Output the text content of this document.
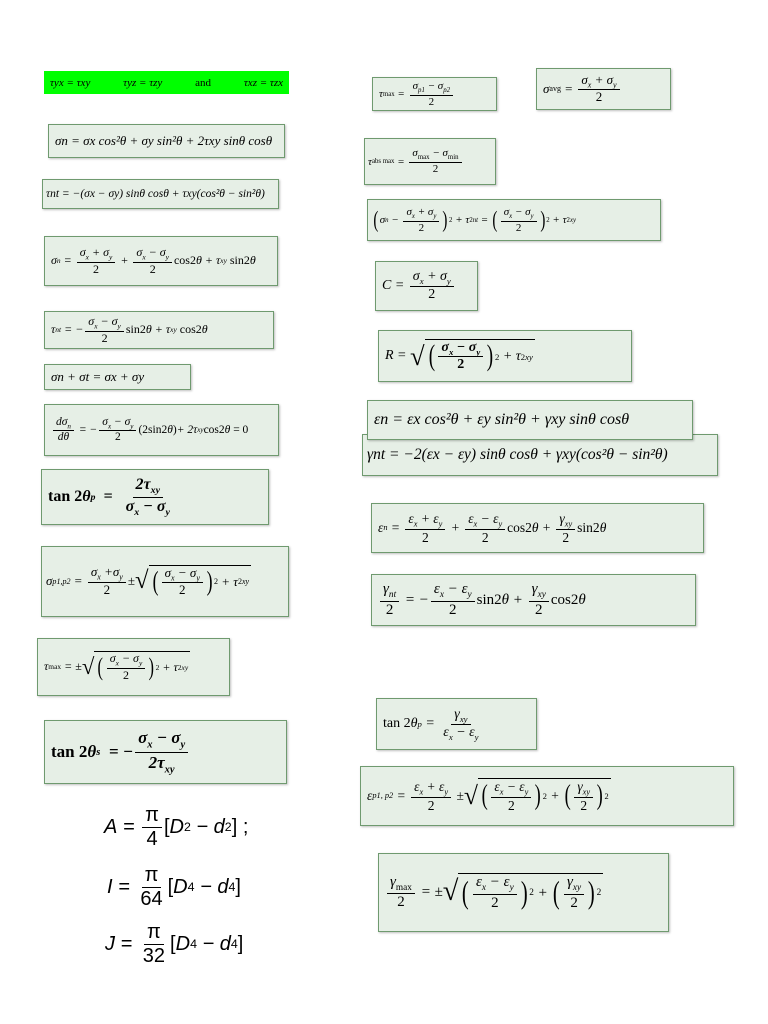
τyx = τxy	τyz = τzy	and	τxz = τzx
σn = σx cos²θ + σy sin²θ + 2τxy sinθ cosθ
τnt = −(σx − σy) sinθ cosθ + τxy(cos²θ − sin²θ)
σ $n = \frac{\sigma_x + \sigma_y}{2} + \frac{\sigma_x - \sigma_y}{2}$ cos 2 θ + τ xy
sin 2 θ
τ nt = − $\frac{\sigma_x - \sigma_y}{2}$ sin 2 θ + τ xy
cos 2 θ
σn + σt = σx + σy
$\frac{d\sigma_n}{d\theta}$ = − $\frac{\sigma_x - \sigma_y}{2} (2\sin 2$ θ ) + 2τ xy cos2 θ = 0
tan 2 θ $p = \frac{2\tau_{xy}}{\sigma_x - \sigma_y}$
σ $p1,p2 = \frac{\sigma_x +\sigma_y}{2}$ ± √ ( $\frac{\sigma_x - \sigma_y}{2}$ ) 2 + τ 2 xy
τ max = ± √ ( $\frac{\sigma_x - \sigma_y}{2}$ ) 2 + τ 2 xy
tan 2 θ s = − $\frac{\sigma_x - \sigma_y}{2\tau_{xy}}$
$A = \frac{\pi}{4}$ [ D 2 − d 2 ] ;
$I = \frac{\pi}{64}$ [ D 4 − d 4 ]
$J = \frac{\pi}{32}$ [ D 4 − d 4 ]
τ $\max = \frac{\sigma_{p1} - \sigma_{p2}}{2}$	σ avg = $\frac{\sigma_x + \sigma_y}{2}$
τ abs $\max = \frac{\sigma_{max} - \sigma_{min}}{2}$
( σ $n - \frac{\sigma_x + \sigma_y}{2}$ ) 2 + τ 2 nt = ( $\frac{\sigma_x - \sigma_y}{2}$ ) 2 + τ 2 xy
$C = \frac{\sigma_x + \sigma_y}{2}$
R = √ ( $\frac{\sigma_x - \sigma_y}{2}$ ) 2 + τ 2 xy
εn = εx cos²θ + εy sin²θ + γxy sinθ cosθ
γnt = −2(εx − εy) sinθ cosθ + γxy(cos²θ − sin²θ)
ε $n = \frac{\varepsilon_x + \varepsilon_y}{2} + \frac{\varepsilon_x - \varepsilon_y}{2} \cos 2$ $\theta + \frac{\gamma_{xy}}{2} \sin 2$ θ
$\frac{\gamma_{nt}}{2}$ = − $\frac{\varepsilon_x - \varepsilon_y}{2} \sin 2$ $\theta + \frac{\gamma_{xy}}{2} \cos 2$ θ
tan 2 θ $p = \frac{\gamma_{xy}}{\varepsilon_x - \varepsilon_y}$
ε p1, $p2 = \frac{\varepsilon_x + \varepsilon_y}{2}$
± √ ( $\frac{\varepsilon_x - \varepsilon_y}{2}$ ) 2 + ( $\frac{\gamma_{xy}}{2}$ ) 2
$\frac{\gamma_{max}}{2}$ = ± √ ( $\frac{\varepsilon_x - \varepsilon_y}{2}$ ) 2 + ( $\frac{\gamma_{xy}}{2}$ ) 2
